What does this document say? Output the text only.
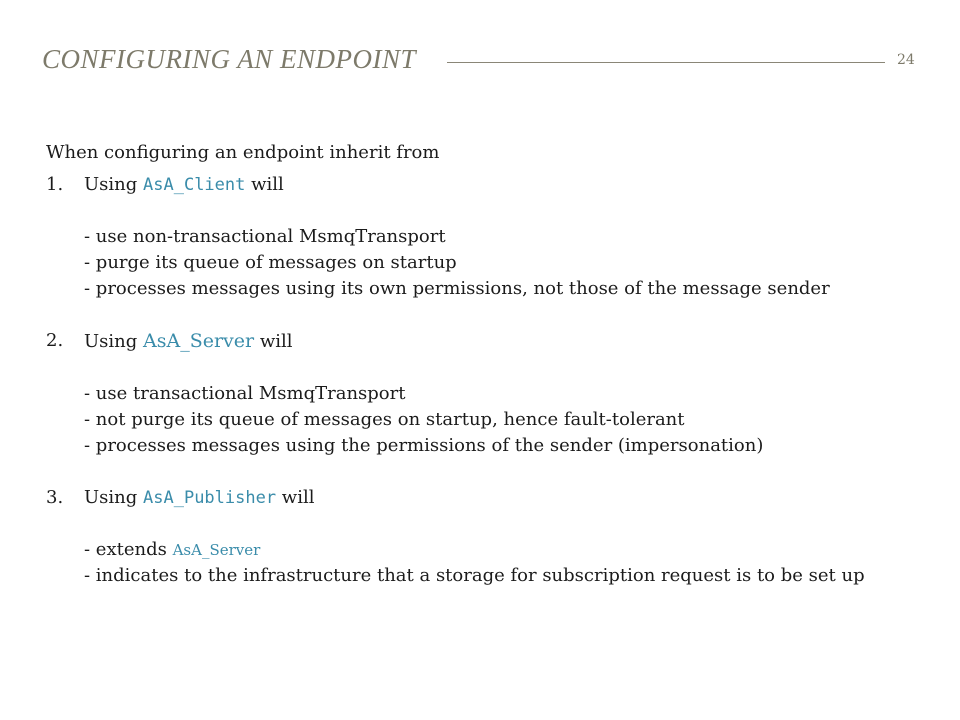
CONFIGURING AN ENDPOINT	24

When configuring an endpoint inherit from

1. Using AsA_Client will
- use non-transactional MsmqTransport
- purge its queue of messages on startup
- processes messages using its own permissions, not those of the message sender
2. Using AsA_Server will
- use transactional MsmqTransport
- not purge its queue of messages on startup, hence fault-tolerant
- processes messages using the permissions of the sender (impersonation)
3. Using AsA_Publisher will
- extends AsA_Server
- indicates to the infrastructure that a storage for subscription request is to be set up
